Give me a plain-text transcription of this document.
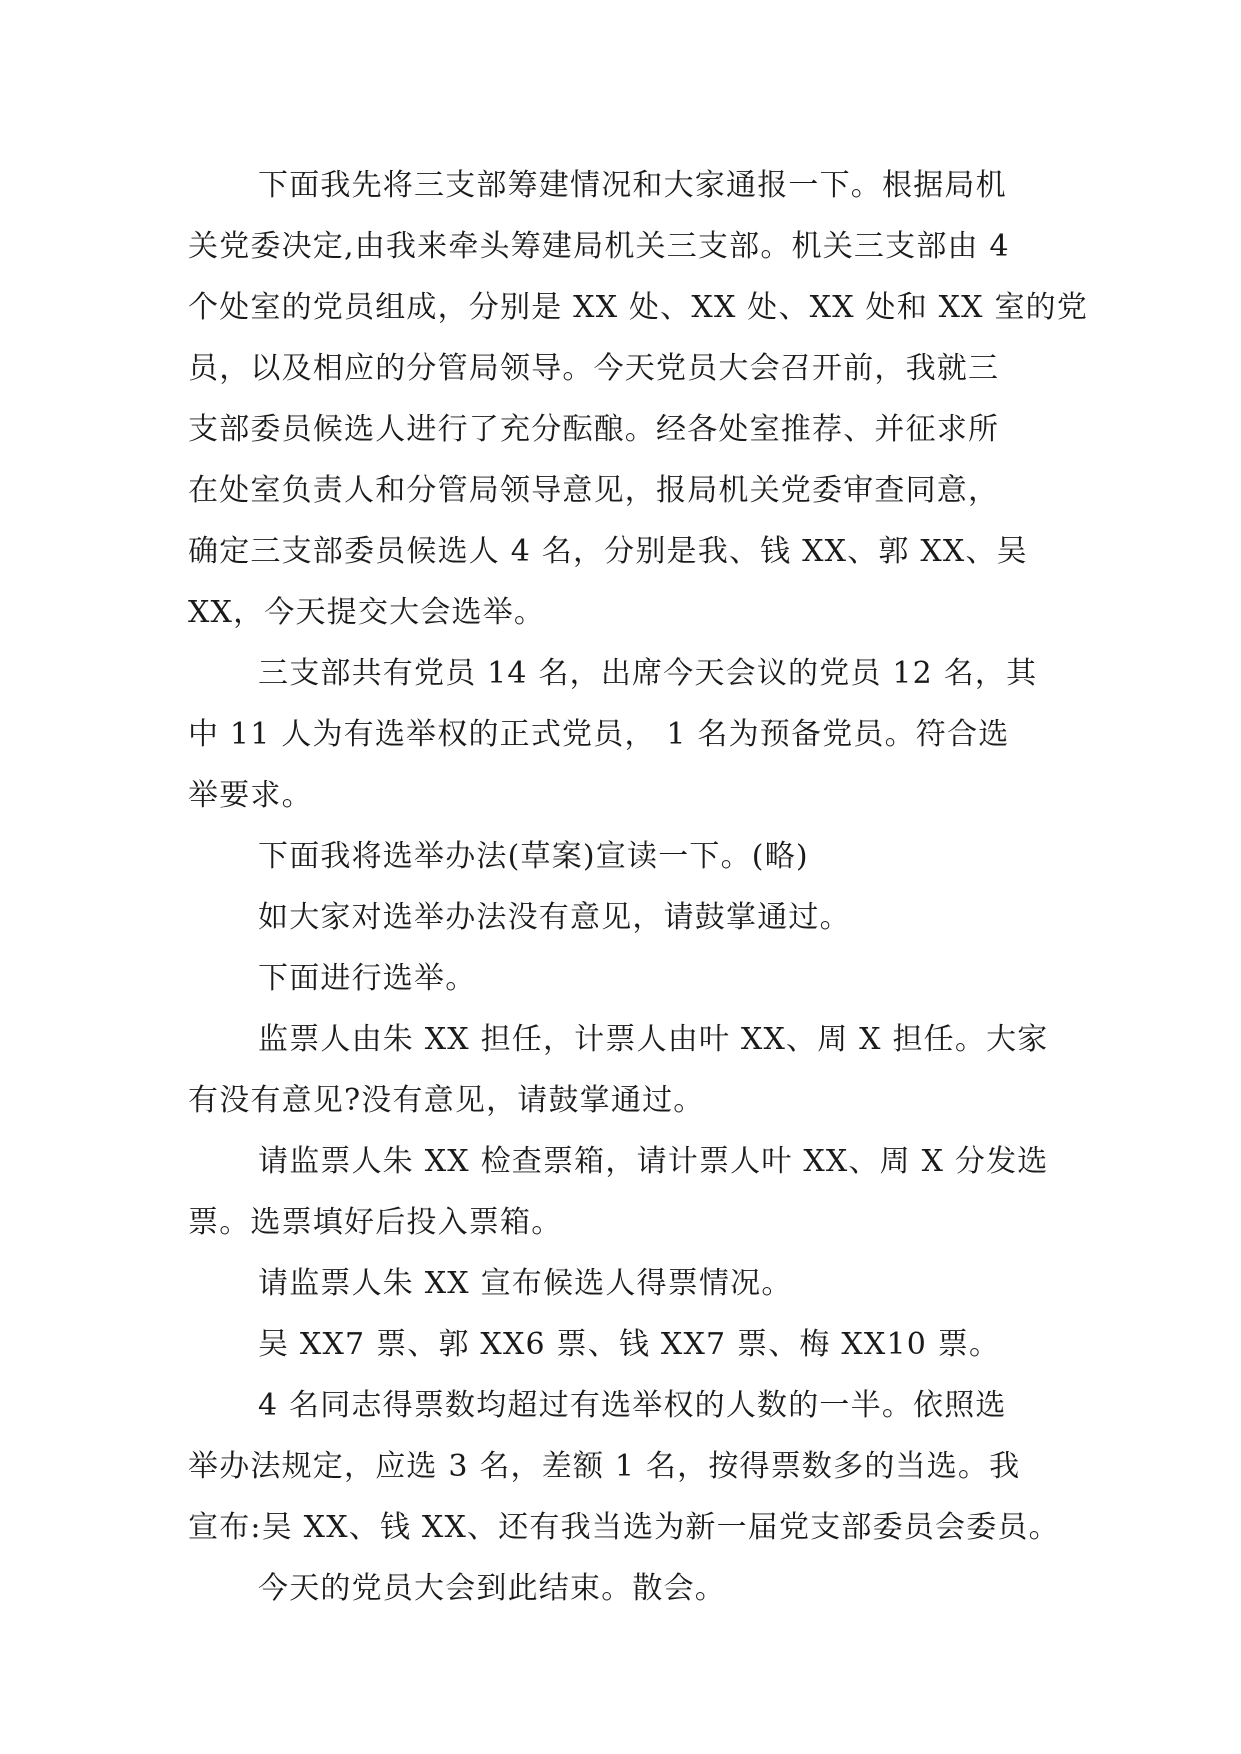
下面我先将三支部筹建情况和大家通报一下。根据局机
关党委决定,由我来牵头筹建局机关三支部。机关三支部由 4
个处室的党员组成，分别是 XX 处、XX 处、XX 处和 XX 室的党
员，以及相应的分管局领导。今天党员大会召开前，我就三
支部委员候选人进行了充分酝酿。经各处室推荐、并征求所
在处室负责人和分管局领导意见，报局机关党委审查同意，
确定三支部委员候选人 4 名，分别是我、钱 XX、郭 XX、吴
XX，今天提交大会选举。
三支部共有党员 14 名，出席今天会议的党员 12 名，其
中 11 人为有选举权的正式党员， 1 名为预备党员。符合选
举要求。
下面我将选举办法(草案)宣读一下。(略)
如大家对选举办法没有意见，请鼓掌通过。
下面进行选举。
监票人由朱 XX 担任，计票人由叶 XX、周 X 担任。大家
有没有意见?没有意见，请鼓掌通过。
请监票人朱 XX 检查票箱，请计票人叶 XX、周 X 分发选
票。选票填好后投入票箱。
请监票人朱 XX 宣布候选人得票情况。
吴 XX7 票、郭 XX6 票、钱 XX7 票、梅 XX10 票。
4 名同志得票数均超过有选举权的人数的一半。依照选
举办法规定，应选 3 名，差额 1 名，按得票数多的当选。我
宣布:吴 XX、钱 XX、还有我当选为新一届党支部委员会委员。
今天的党员大会到此结束。散会。
